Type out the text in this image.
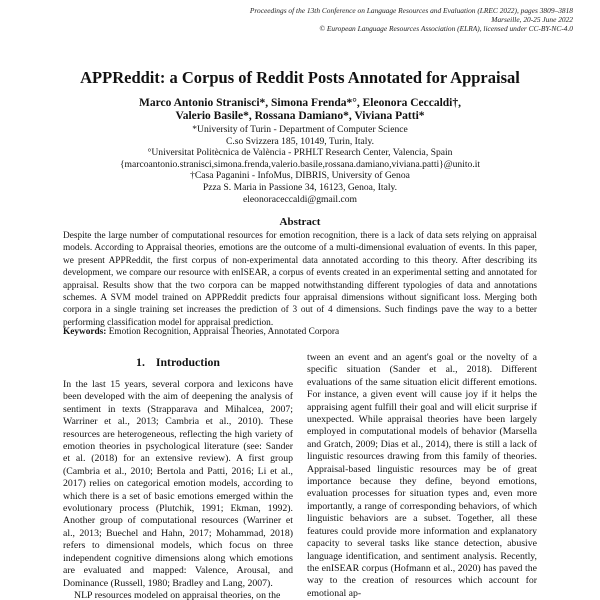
Proceedings of the 13th Conference on Language Resources and Evaluation (LREC 2022), pages 3809–3818
Marseille, 20-25 June 2022
© European Language Resources Association (ELRA), licensed under CC-BY-NC-4.0
APPReddit: a Corpus of Reddit Posts Annotated for Appraisal
Marco Antonio Stranisci*, Simona Frenda*°, Eleonora Ceccaldi†,
Valerio Basile*, Rossana Damiano*, Viviana Patti*
*University of Turin - Department of Computer Science
C.so Svizzera 185, 10149, Turin, Italy.
°Universitat Politècnica de València - PRHLT Research Center, Valencia, Spain
{marcoantonio.stranisci,simona.frenda,valerio.basile,rossana.damiano,viviana.patti}@unito.it
†Casa Paganini - InfoMus, DIBRIS, University of Genoa
Pzza S. Maria in Passione 34, 16123, Genoa, Italy.
eleonoraceccaldi@gmail.com
Abstract
Despite the large number of computational resources for emotion recognition, there is a lack of data sets relying on appraisal models. According to Appraisal theories, emotions are the outcome of a multi-dimensional evaluation of events. In this paper, we present APPReddit, the first corpus of non-experimental data annotated according to this theory. After describing its development, we compare our resource with enISEAR, a corpus of events created in an experimental setting and annotated for appraisal. Results show that the two corpora can be mapped notwithstanding different typologies of data and annotations schemes. A SVM model trained on APPReddit predicts four appraisal dimensions without significant loss. Merging both corpora in a single training set increases the prediction of 3 out of 4 dimensions. Such findings pave the way to a better performing classification model for appraisal prediction.
Keywords: Emotion Recognition, Appraisal Theories, Annotated Corpora
1. Introduction

In the last 15 years, several corpora and lexicons have been developed with the aim of deepening the analysis of sentiment in texts (Strapparava and Mihalcea, 2007; Warriner et al., 2013; Cambria et al., 2010). These resources are heterogeneous, reflecting the high variety of emotion theories in psychological literature (see: Sander et al. (2018) for an extensive review). A first group (Cambria et al., 2010; Bertola and Patti, 2016; Li et al., 2017) relies on categorical emotion models, according to which there is a set of basic emotions emerged within the evolutionary process (Plutchik, 1991; Ekman, 1992). Another group of computational resources (Warriner et al., 2013; Buechel and Hahn, 2017; Mohammad, 2018) refers to dimensional models, which focus on three independent cognitive dimensions along which emotions are evaluated and mapped: Valence, Arousal, and Dominance (Russell, 1980; Bradley and Lang, 2007).

NLP resources modeled on appraisal theories, on the

tween an event and an agent's goal or the novelty of a specific situation (Sander et al., 2018). Different evaluations of the same situation elicit different emotions. For instance, a given event will cause joy if it helps the appraising agent fulfill their goal and will elicit surprise if unexpected. While appraisal theories have been largely employed in computational models of behavior (Marsella and Gratch, 2009; Dias et al., 2014), there is still a lack of linguistic resources drawing from this family of theories. Appraisal-based linguistic resources may be of great importance because they define, beyond emotions, evaluation processes for situation types and, even more importantly, a range of corresponding behaviors, of which linguistic behaviors are a subset. Together, all these features could provide more information and explanatory capacity to several tasks like stance detection, abusive language identification, and sentiment analysis. Recently, the enISEAR corpus (Hofmann et al., 2020) has paved the way to the creation of resources which account for emotional ap-
